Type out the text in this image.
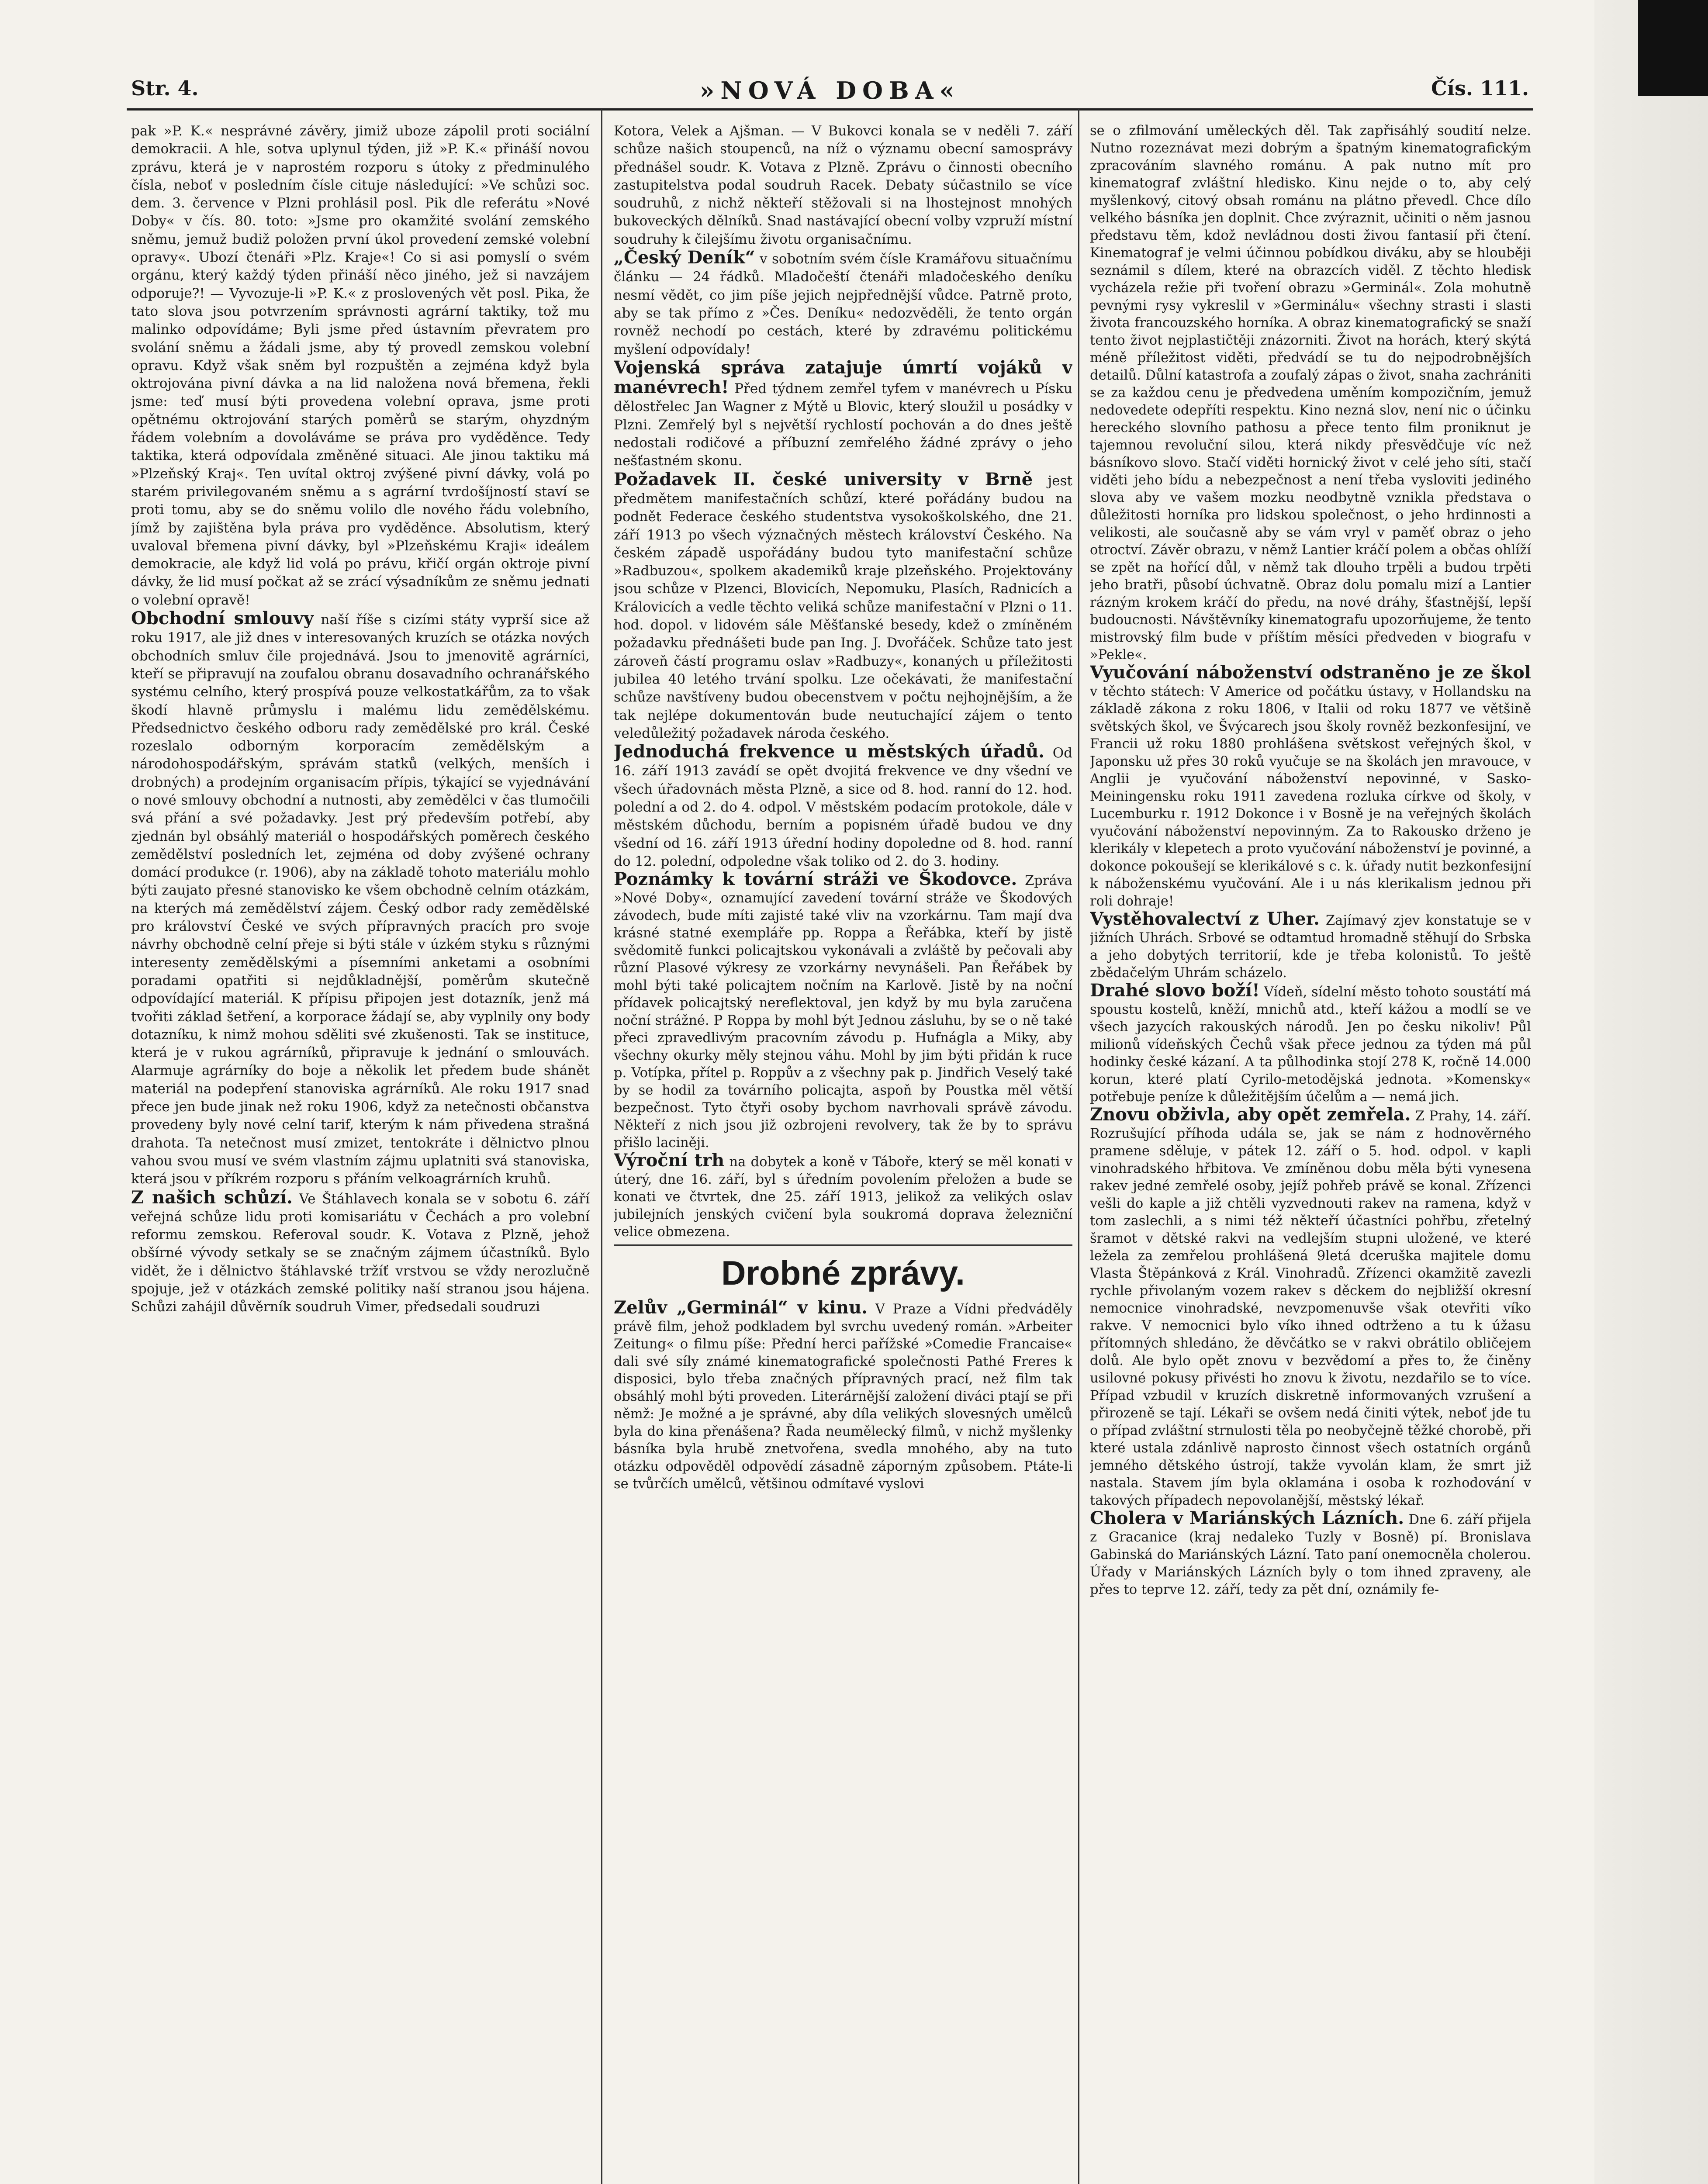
Str. 4.	»NOVÁ DOBA«	Čís. 111.

pak »P. K.« nesprávné závěry, jimiž uboze zápolil proti sociální demokracii. A hle, sotva uplynul týden, již »P. K.« přináší novou zprávu, která je v naprostém rozporu s útoky z předminulého čísla, neboť v posledním čísle citujе následující: »Ve schůzi soc. dem. 3. července v Plzni prohlásil posl. Pik dle referátu »Nové Doby« v čís. 80. toto: »Jsme pro okamžité svolání zemského sněmu, jemuž budiž položen první úkol provedení zemské volební opravy«. Ubozí čtenáři »Plz. Kraje«! Co si asi pomyslí o svém orgánu, který každý týden přináší něco jiného, jež si navzájem odporuje?! — Vyvozuje-li »P. K.« z proslovených vět posl. Pika, že tato slova jsou potvrzením správnosti agrární taktiky, tož mu malinko odpovídáme; Byli jsme před ústavním převratem pro svolání sněmu a žádali jsme, aby tý provedl zemskou volební opravu. Když však sněm byl rozpuštěn a zejména když byla oktrojována pivní dávka a na lid naložena nová břemena, řekli jsme: teď musí býti provedena volební oprava, jsme proti opětnému oktrojování starých poměrů se starým, ohyzdným řádem volebním a dovoláváme se práva pro vyděděnce. Tedy taktika, která odpovídala změněné situaci. Ale jinou taktiku má »Plzeňský Kraj«. Ten uvítal oktroj zvýšené pivní dávky, volá po starém privilegovaném sněmu a s agrární tvrdošíjností staví se proti tomu, aby se do sněmu volilo dle nového řádu volebního, jímž by zajištěna byla práva pro vyděděnce. Absolutism, který uvaloval břemena pivní dávky, byl »Plzeňskému Kraji« ideálem demokracie, ale když lid volá po právu, křičí orgán oktroje pivní dávky, že lid musí počkat až se zrácí výsadníkům ze sněmu jednati o volební opravě!

Obchodní smlouvy naší říše s cizími státy vyprší sice až roku 1917, ale již dnes v interesovaných kruzích se otázka nových obchodních smluv čile projednává. Jsou to jmenovitě agrárníci, kteří se připravují na zoufalou obranu dosavadního ochranářského systému celního, který prospívá pouze velkostatkářům, za to však škodí hlavně průmyslu i malému lidu zemědělskému. Předsednictvo českého odboru rady zemědělské pro král. České rozeslalo odborným korporacím zemědělským a národohospodářským, správám statků (velkých, menších i drobných) a prodejním organisacím přípis, týkající se vyjednávání o nové smlouvy obchodní a nutnosti, aby zemědělci v čas tlumočili svá přání a své požadavky. Jest prý především potřebí, aby zjednán byl obsáhlý materiál o hospodářských poměrech českého zemědělství posledních let, zejména od doby zvýšené ochrany domácí produkce (r. 1906), aby na základě tohoto materiálu mohlo býti zaujato přesné stanovisko ke všem obchodně celním otázkám, na kterých má zemědělství zájem. Český odbor rady zemědělské pro království České ve svých přípravných pracích pro svoje návrhy obchodně celní přeje si býti stále v úzkém styku s různými interesenty zemědělskými a písemními anketami a osobními poradami opatřiti si nejdůkladnější, poměrům skutečně odpovídající materiál. K přípisu připojen jest dotazník, jenž má tvořiti základ šetření, a korporace žádají se, aby vyplnily ony body dotazníku, k nimž mohou sděliti své zkušenosti. Tak se instituce, která je v rukou agrárníků, připravuje k jednání o smlouvách. Alarmuje agrárníky do boje a několik let předem bude shánět materiál na podepření stanoviska agrárníků. Ale roku 1917 snad přece jen bude jinak než roku 1906, když za netečnosti občanstva provedeny byly nové celní tarif, kterým k nám přivedena strašná drahota. Ta netečnost musí zmizet, tentokráte i dělnictvo plnou vahou svou musí ve svém vlastním zájmu uplatniti svá stanoviska, která jsou v příkrém rozporu s přáním velkoagrárních kruhů.

Z našich schůzí. Ve Štáhlavech konala se v sobotu 6. září veřejná schůze lidu proti komisariátu v Čechách a pro volební reformu zemskou. Referoval soudr. K. Votava z Plzně, jehož obšírné vývody setkaly se se značným zájmem účastníků. Bylo vidět, že i dělnictvo štáhlavské tržíť vrstvou se vždy nerozlučně spojuje, jež v otázkách zemské politiky naší stranou jsou hájena. Schůzi zahájil důvěrník soudruh Vimer, předsedali soudruzi

Kotora, Velek a Ajšman. — V Bukovci konala se v neděli 7. září schůze našich stoupenců, na níž o významu obecní samosprávy přednášel soudr. K. Votava z Plzně. Zprávu o činnosti obecního zastupitelstva podal soudruh Racek. Debaty súčastnilo se více soudruhů, z nichž někteří stěžovali si na lhostejnost mnohých bukoveckých dělníků. Snad nastávající obecní volby vzpruží místní soudruhy k čilejšímu životu organisačnímu.

„Český Deník“ v sobotním svém čísle Kramářovu situačnímu článku — 24 řádků. Mladočeští čtenáři mladočeského deníku nesmí vědět, co jim píše jejich nejpřednější vůdce. Patrně proto, aby se tak přímo z »Čes. Deníku« nedozvěděli, že tento orgán rovněž nechodí po cestách, které by zdravému politickému myšlení odpovídaly!

Vojenská správa zatajuje úmrtí vojáků v manévrech! Před týdnem zemřel tyfem v manévrech u Písku dělostřelec Jan Wagner z Mýtě u Blovic, který sloužil u posádky v Plzni. Zemřelý byl s největší rychlostí pochován a do dnes ještě nedostali rodičové a příbuzní zemřelého žádné zprávy o jeho nešťastném skonu.

Požadavek II. české university v Brně jest předmětem manifestačních schůzí, které pořádány budou na podnět Federace českého studentstva vysokoškolského, dne 21. září 1913 po všech význačných městech království Českého. Na českém západě uspořádány budou tyto manifestační schůze »Radbuzou«, spolkem akademiků kraje plzeňského. Projektovány jsou schůze v Plzenci, Blovicích, Nepomuku, Plasích, Radnicích a Královicích a vedle těchto veliká schůze manifestační v Plzni o 11. hod. dopol. v lidovém sále Měšťanské besedy, kdež o zmíněném požadavku přednášeti bude pan Ing. J. Dvořáček. Schůze tato jest zároveň částí programu oslav »Radbuzy«, konaných u příležitosti jubilea 40 letého trvání spolku. Lze očekávati, že manifestační schůze navštíveny budou obecenstvem v počtu nejhojnějším, a že tak nejlépe dokumentován bude neutuchající zájem o tento veledůležitý požadavek národa českého.

Jednoduchá frekvence u městských úřadů. Od 16. září 1913 zavádí se opět dvojitá frekvence ve dny všední ve všech úřadovnách města Plzně, a sice od 8. hod. ranní do 12. hod. polední a od 2. do 4. odpol. V městském podacím protokole, dále v městském důchodu, berním a popisném úřadě budou ve dny všední od 16. září 1913 úřední hodiny dopoledne od 8. hod. ranní do 12. polední, odpoledne však toliko od 2. do 3. hodiny.

Poznámky k tovární stráži ve Škodovce. Zpráva »Nové Doby«, oznamující zavedení tovární stráže ve Škodových závodech, bude míti zajisté také vliv na vzorkárnu. Tam mají dva krásné statné exempláře pp. Roppa a Řeřábka, kteří by jistě svědomitě funkci policajtskou vykonávali a zvláště by pečovali aby různí Plasové výkresy ze vzorkárny nevynášeli. Pan Řeřábek by mohl býti také policajtem nočním na Karlově. Jistě by na noční přídavek policajtský nereflektoval, jen když by mu byla zaručena noční strážné. P Roppa by mohl být Jednou zásluhu, by se o ně také přeci zpravedlivým pracovním závodu p. Hufnágla a Miky, aby všechny okurky měly stejnou váhu. Mohl by jim býti přidán k ruce p. Votípka, přítel p. Roppův a z všechny pak p. Jindřich Veselý také by se hodil za továrního policajta, aspoň by Poustka měl větší bezpečnost. Tyto čtyři osoby bychom navrhovali správě závodu. Někteří z nich jsou již ozbrojeni revolvery, tak že by to správu přišlo laciněji.

Výroční trh na dobytek a koně v Táboře, který se měl konati v úterý, dne 16. září, byl s úředním povolením přeložen a bude se konati ve čtvrtek, dne 25. září 1913, jelikož za velikých oslav jubilejních jenských cvičení byla soukromá doprava železniční velice obmezena.

Drobné zprávy.

Zelův „Germinál“ v kinu. V Praze a Vídni předváděly právě film, jehož podkladem byl svrchu uvedený román. »Arbeiter Zeitung« o filmu píše: Přední herci pařížské »Comedie Francaise« dali své síly známé kinematografické společnosti Pathé Freres k disposici, bylo třeba značných přípravných prací, než film tak obsáhlý mohl býti proveden. Literárnější založení diváci ptají se při němž: Je možné a je správné, aby díla velikých slovesných umělců byla do kina přenášena? Řada neumělecký filmů, v nichž myšlenky básníka byla hrubě znetvořena, svedla mnohého, aby na tuto otázku odpověděl odpovědí zásadně záporným způsobem. Ptáte-li se tvůrčích umělců, většinou odmítavé vyslovi

se o zfilmování uměleckých děl. Tak zapřisáhlý soudití nelze. Nutno rozeznávat mezi dobrým a špatným kinematografickým zpracováním slavného románu. A pak nutno mít pro kinematograf zvláštní hledisko. Kinu nejde o to, aby celý myšlenkový, citový obsah románu na plátno převedl. Chce dílo velkého básníka jen doplnit. Chce zvýraznit, učiniti o něm jasnou představu těm, kdož nevládnou dosti živou fantasií při čtení. Kinematograf je velmi účinnou pobídkou diváku, aby se hlouběji seznámil s dílem, které na obrazcích viděl. Z těchto hledisk vycházela režie při tvoření obrazu »Germinál«. Zola mohutně pevnými rysy vykreslil v »Germinálu« všechny strasti i slasti života francouzského horníka. A obraz kinematografický se snaží tento život nejplastičtěji znázorniti. Život na horách, který skýtá méně příležitost viděti, předvádí se tu do nejpodrobnějších detailů. Důlní katastrofa a zoufalý zápas o život, snaha zachrániti se za každou cenu je předvedena uměním kompozičním, jemuž nedovedete odepříti respektu. Kino nezná slov, není nic o účinku hereckého slovního pathosu a přece tento film proniknut je tajemnou revoluční silou, která nikdy přesvědčuje víc než básníkovo slovo. Stačí viděti hornický život v celé jeho síti, stačí viděti jeho bídu a nebezpečnost a není třeba vysloviti jediného slova aby ve vašem mozku neodbytně vznikla představa o důležitosti horníka pro lidskou společnost, o jeho hrdinnosti a velikosti, ale současně aby se vám vryl v paměť obraz o jeho otroctví. Závěr obrazu, v němž Lantier kráčí polem a občas ohlíží se zpět na hořící důl, v němž tak dlouho trpěli a budou trpěti jeho bratři, působí úchvatně. Obraz dolu pomalu mizí a Lantier rázným krokem kráčí do předu, na nové dráhy, šťastnější, lepší budoucnosti. Návštěvníky kinematografu upozorňujeme, že tento mistrovský film bude v příštím měsíci předveden v biografu v »Pekle«.

Vyučování náboženství odstraněno je ze škol v těchto státech: V Americe od počátku ústavy, v Hollandsku na základě zákona z roku 1806, v Italii od roku 1877 ve většině světských škol, ve Švýcarech jsou školy rovněž bezkonfesijní, ve Francii už roku 1880 prohlášena světskost veřejných škol, v Japonsku už přes 30 roků vyučuje se na školách jen mravouce, v Anglii je vyučování náboženství nepovinné, v Sasko-Meiningensku roku 1911 zavedena rozluka církve od školy, v Lucemburku r. 1912 Dokonce i v Bosně je na veřejných školách vyučování náboženství nepovinným. Za to Rakousko drženo je klerikály v klepetech a proto vyučování náboženství je povinné, a dokonce pokoušejí se klerikálové s c. k. úřady nutit bezkonfesijní k náboženskému vyučování. Ale i u nás klerikalism jednou při roli dohraje!

Vystěhovalectví z Uher. Zajímavý zjev konstatuje se v jižních Uhrách. Srbové se odtamtud hromadně stěhují do Srbska a jeho dobytých territorií, kde je třeba kolonistů. To ještě zbědačelým Uhrám scházelo.

Drahé slovo boží! Vídeň, sídelní město tohoto soustátí má spoustu kostelů, kněží, mnichů atd., kteří kážou a modlí se ve všech jazycích rakouských národů. Jen po česku nikoliv! Půl milionů vídeňských Čechů však přece jednou za týden má půl hodinky české kázaní. A ta půlhodinka stojí 278 K, ročně 14.000 korun, které platí Cyrilo-metodějská jednota. »Komensky« potřebuje peníze k důležitějším účelům a — nemá jich.

Znovu obživla, aby opět zemřela. Z Prahy, 14. září. Rozrušující příhoda udála se, jak se nám z hodnověrného pramene sděluje, v pátek 12. září o 5. hod. odpol. v kapli vinohradského hřbitova. Ve zmíněnou dobu měla býti vynesena rakev jedné zemřelé osoby, jejíž pohřeb právě se konal. Zřízenci vešli do kaple a již chtěli vyzvednouti rakev na ramena, když v tom zaslechli, a s nimi též někteří účastníci pohřbu, zřetelný šramot v dětské rakvi na vedlejším stupni uložené, ve které ležela za zemřelou prohlášená 9letá dceruška majitele domu Vlasta Štěpánková z Král. Vinohradů. Zřízenci okamžitě zavezli rychle přivolaným vozem rakev s děckem do nejbližší okresní nemocnice vinohradské, nevzpomenuvše však otevřiti víko rakve. V nemocnici bylo víko ihned odtrženo a tu k úžasu přítomných shledáno, že děvčátko se v rakvi obrátilo obličejem dolů. Ale bylo opět znovu v bezvědomí a přes to, že činěny usilovné pokusy přivésti ho znovu k životu, nezdařilo se to více. Případ vzbudil v kruzích diskretně informovaných vzrušení a přirozeně se tají. Lékaři se ovšem nedá činiti výtek, neboť jde tu o případ zvláštní strnulosti těla po neobyčejně těžké chorobě, při které ustala zdánlivě naprosto činnost všech ostatních orgánů jemného dětského ústrojí, takže vyvolán klam, že smrt již nastala. Stavem jím byla oklamána i osoba k rozhodování v takových případech nepovolanější, městský lékař.

Cholera v Mariánských Lázních. Dne 6. září přijela z Gracanice (kraj nedaleko Tuzly v Bosně) pí. Bronislava Gabinská do Mariánských Lázní. Tato paní onemocněla cholerou. Úřady v Mariánských Lázních byly o tom ihned zpraveny, ale přes to teprve 12. září, tedy za pět dní, oznámily fe-
